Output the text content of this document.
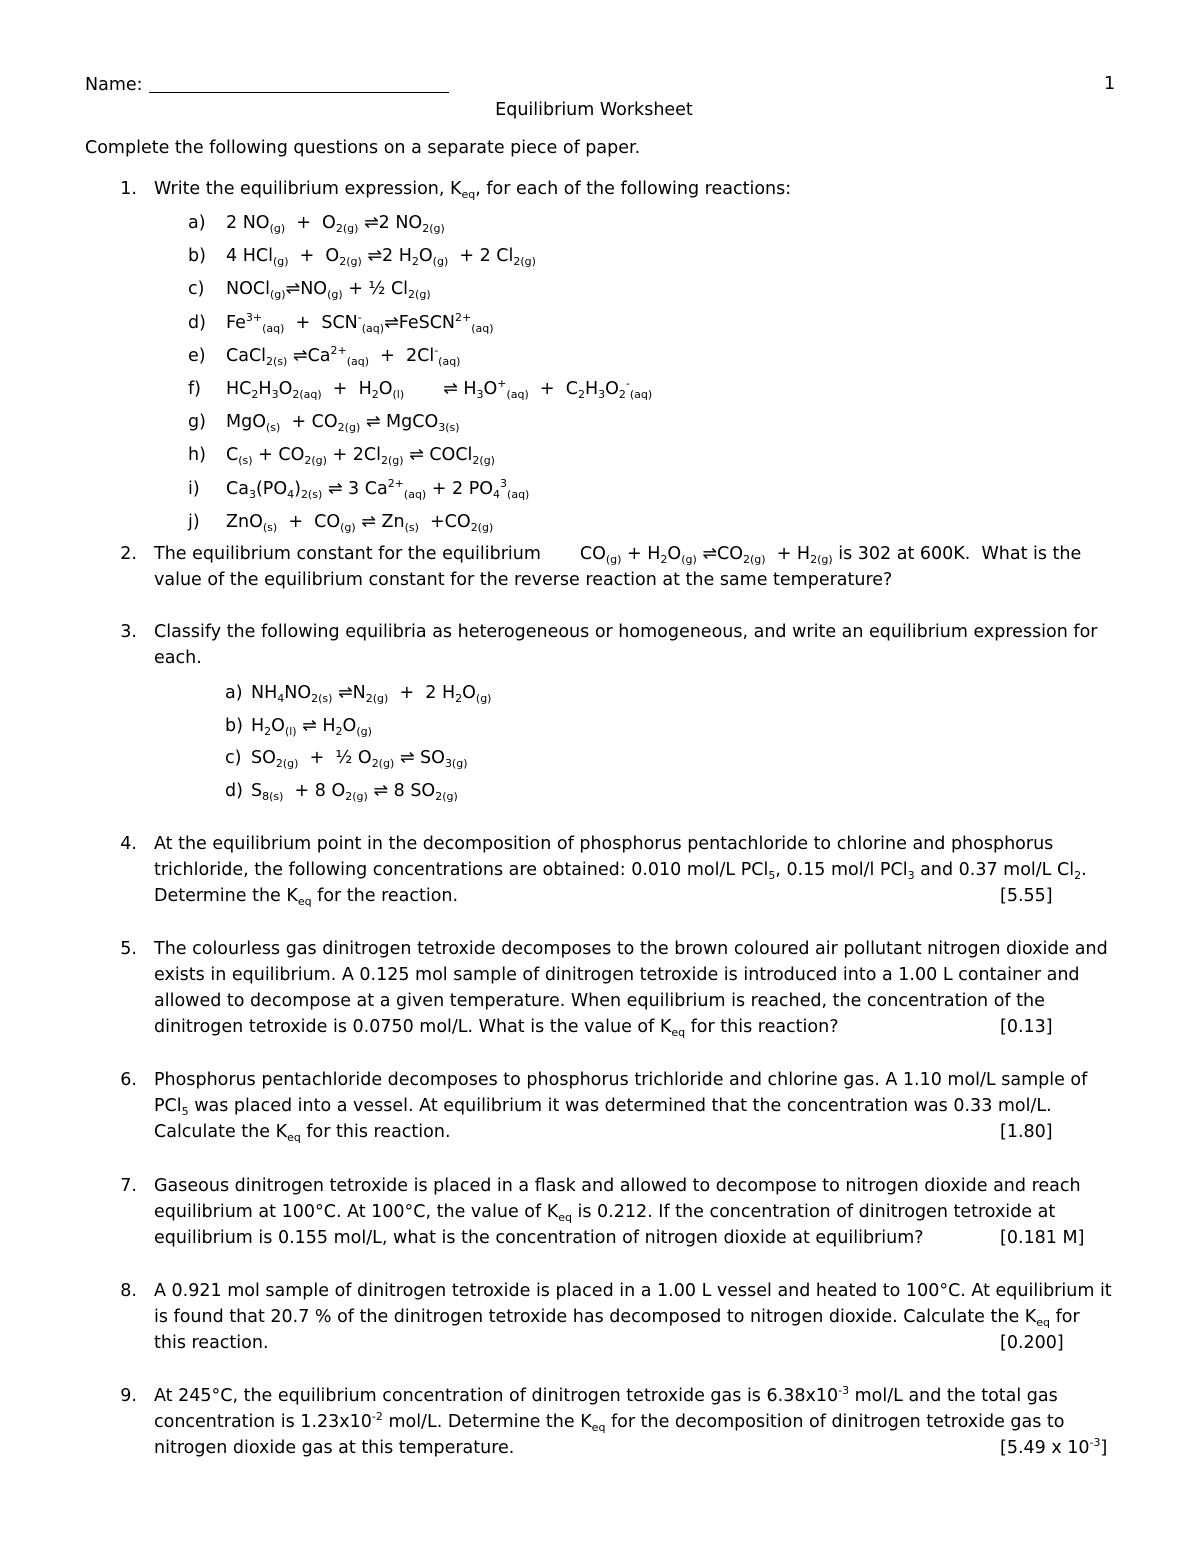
Name:	1
Equilibrium Worksheet
Complete the following questions on a separate piece of paper.
1. Write the equilibrium expression, $K_{eq}$, for each of the following reactions:
a) 2 $NO_{(g)} + O_{2(g)}$ ⇌2 $NO_{2(g)}$
b) 4 $HCl_{(g)} + O_{2(g)}$ ⇌2 $H_2O_{(g)} + 2$ $Cl_{2(g)}$
c) $NOCl_{(g)}\rightleftharpoons NO_{(g)}$ + ½ $Cl_{2(g)}$
d) $Fe^{3+}_{(aq)}$  +  $SCN^-_{(aq)}\rightleftharpoons FeSCN^{2+}_{(aq)}$
e) CaCl$_{2(s)}$ $\rightleftharpoons Ca^{2+}_{(aq)} + 2Cl^-_{(aq)}$
f) $HC_2H_3O_{2(aq)} + H_2O_{(l)}$       ⇌ $H_3O^+_{(aq)} + C_2H_3O_2^-_{(aq)}$
g) $MgO_{(s)} + CO_{2(g)}$ ⇌ MgCO$_{3(s)}$
h) $C_{(s)} + CO_{2(g)} + 2Cl_{2(g)}$ ⇌ COCl$_{2(g)}$
i) $Ca_3(PO_4)_{2(s)}$ ⇌ 3 $Ca^{2+}_{(aq)} + 2$ $PO_4^3_{(aq)}$
j) $ZnO_{(s)} + CO_{(g)}$ ⇌ $Zn_{(s)} +CO_{2(g)}$
2. The equilibrium constant for the equilibrium       $CO_{(g)} + H_2O_{(g)}$ $\rightleftharpoons CO_{2(g)} + H_{2(g)}$ is 302 at 600K.  What is the
value of the equilibrium constant for the reverse reaction at the same temperature?
3. Classify the following equilibria as heterogeneous or homogeneous, and write an equilibrium expression for
each.
a) $NH_4NO_{2(s)}$ $\rightleftharpoons N_{2(g)} + 2$ $H_2O_{(g)}$
b) $H_2O_{(l)}$ ⇌ $H_2O_{(g)}$
c) $SO_{2(g)}$  +  ½ $O_{2(g)}$ ⇌ $SO_{3(g)}$
d) $S_{8(s)} + 8$ $O_{2(g)}$ ⇌ 8 $SO_{2(g)}$
4. At the equilibrium point in the decomposition of phosphorus pentachloride to chlorine and phosphorus
trichloride, the following concentrations are obtained: 0.010 mol/L PCl$_5$, 0.15 mol/l PCl$_3$ and 0.37 mol/L $Cl_2$.
Determine the $K_{eq}$ for the reaction.	[5.55]
5. The colourless gas dinitrogen tetroxide decomposes to the brown coloured air pollutant nitrogen dioxide and
exists in equilibrium. A 0.125 mol sample of dinitrogen tetroxide is introduced into a 1.00 L container and
allowed to decompose at a given temperature. When equilibrium is reached, the concentration of the
dinitrogen tetroxide is 0.0750 mol/L. What is the value of $K_{eq}$ for this reaction?	[0.13]
6. Phosphorus pentachloride decomposes to phosphorus trichloride and chlorine gas. A 1.10 mol/L sample of
PCl$_5$ was placed into a vessel. At equilibrium it was determined that the concentration was 0.33 mol/L.
Calculate the $K_{eq}$ for this reaction.	[1.80]
7. Gaseous dinitrogen tetroxide is placed in a flask and allowed to decompose to nitrogen dioxide and reach
equilibrium at 100°C. At 100°C, the value of $K_{eq}$ is 0.212. If the concentration of dinitrogen tetroxide at
equilibrium is 0.155 mol/L, what is the concentration of nitrogen dioxide at equilibrium?	[0.181 M]
8. A 0.921 mol sample of dinitrogen tetroxide is placed in a 1.00 L vessel and heated to 100°C. At equilibrium it
is found that 20.7 % of the dinitrogen tetroxide has decomposed to nitrogen dioxide. Calculate the $K_{eq}$ for
this reaction.	[0.200]
9. At 245°C, the equilibrium concentration of dinitrogen tetroxide gas is $6.38x10^{-3}$ mol/L and the total gas
concentration is $1.23x10^{-2}$ mol/L. Determine the $K_{eq}$ for the decomposition of dinitrogen tetroxide gas to
nitrogen dioxide gas at this temperature.	[5.49 x $10^{-3}$]
